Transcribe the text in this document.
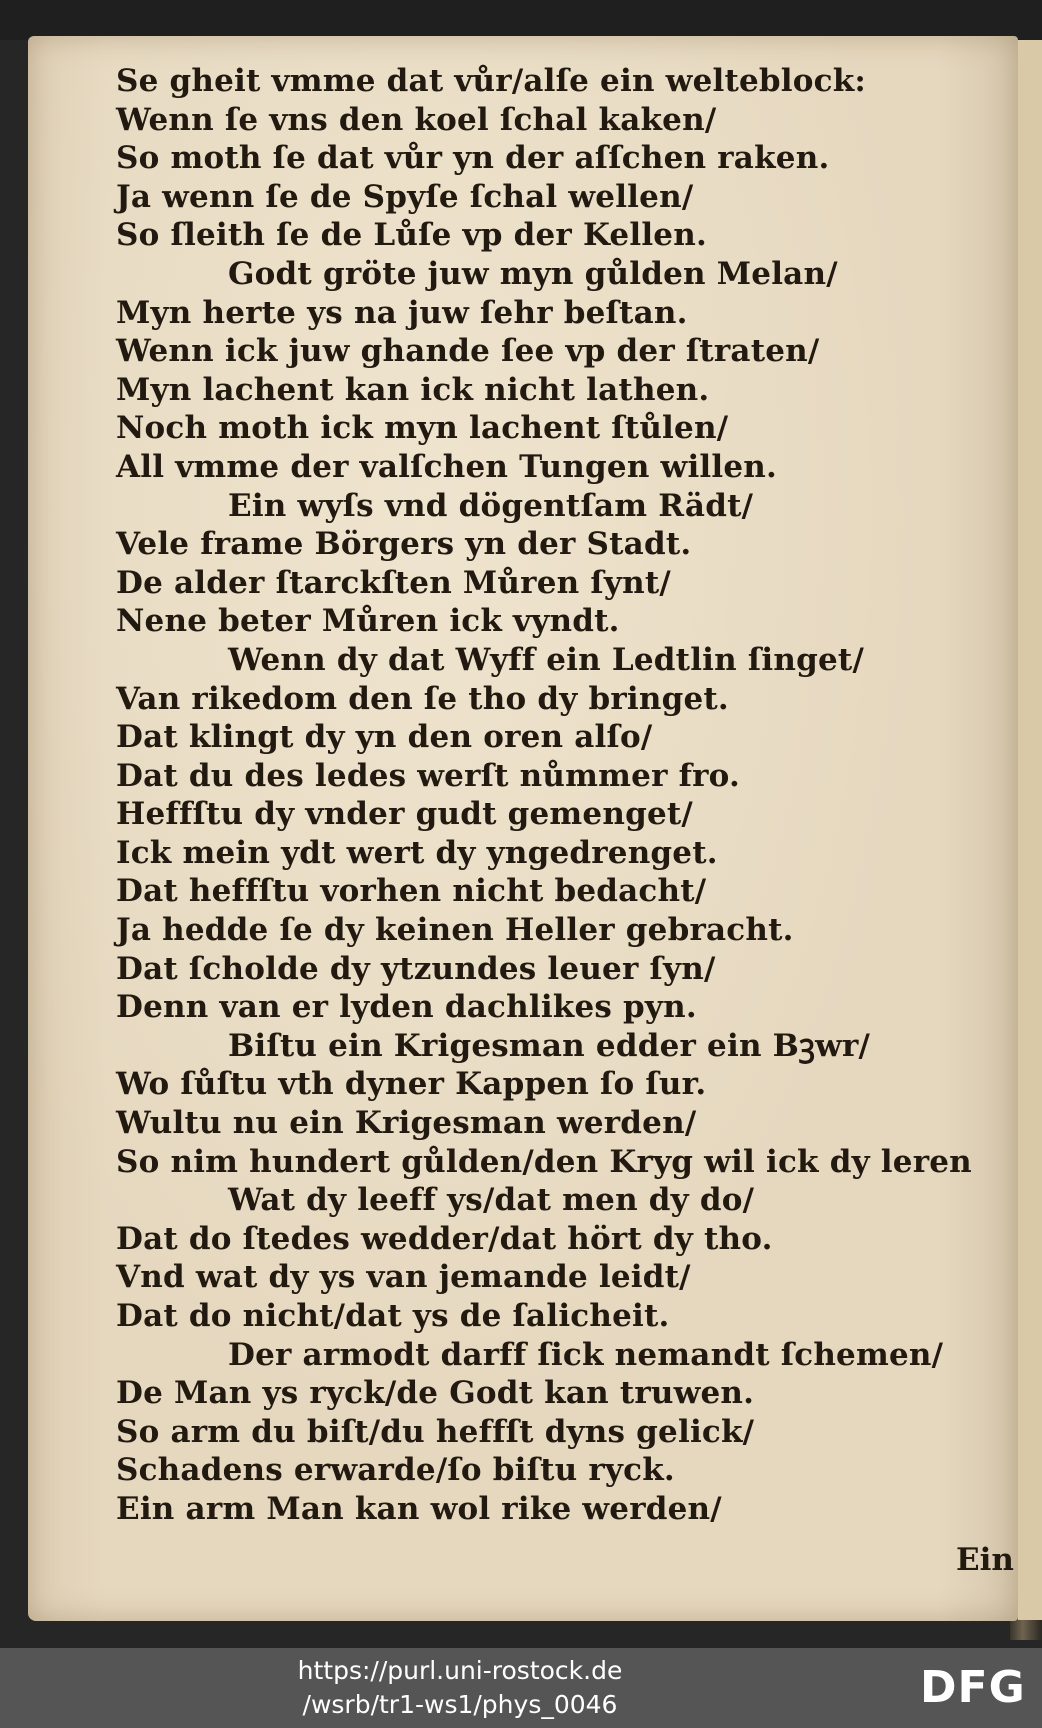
Se gheit vmme dat vůr/alſe ein welteblock:
Wenn ſe vns den koel ſchal kaken/
So moth ſe dat vůr yn der aſſchen raken.
Ja wenn ſe de Spyſe ſchal wellen/
So ſleith ſe de Lůſe vp der Kellen.
Godt gröte juw myn gůlden Melan/
Myn herte ys na juw ſehr beſtan.
Wenn ick juw ghande ſee vp der ſtraten/
Myn lachent kan ick nicht lathen.
Noch moth ick myn lachent ſtůlen/
All vmme der valſchen Tungen willen.
Ein wyſs vnd dögentſam Rädt/
Vele frame Börgers yn der Stadt.
De alder ſtarckſten Můren ſynt/
Nene beter Můren ick vyndt.
Wenn dy dat Wyff ein Ledtlin ſinget/
Van rikedom den ſe tho dy bringet.
Dat klingt dy yn den oren alſo/
Dat du des ledes werſt nůmmer fro.
Heffſtu dy vnder gudt gemenget/
Ick mein ydt wert dy yngedrenget.
Dat heffſtu vorhen nicht bedacht/
Ja hedde ſe dy keinen Heller gebracht.
Dat ſcholde dy ytzundes leuer ſyn/
Denn van er lyden dachlikes pyn.
Biſtu ein Krigesman edder ein Bꝫwr/
Wo ſůſtu vth dyner Kappen ſo ſur.
Wultu nu ein Krigesman werden/
So nim hundert gůlden/den Kryg wil ick dy leren
Wat dy leeff ys/dat men dy do/
Dat do ſtedes wedder/dat hört dy tho.
Vnd wat dy ys van jemande leidt/
Dat do nicht/dat ys de ſalicheit.
Der armodt darff ſick nemandt ſchemen/
De Man ys ryck/de Godt kan truwen.
So arm du biſt/du heffſt dyns gelick/
Schadens erwarde/ſo biſtu ryck.
Ein arm Man kan wol rike werden/
Ein
https://purl.uni-rostock.de
/wsrb/tr1-ws1/phys_0046	DFG
